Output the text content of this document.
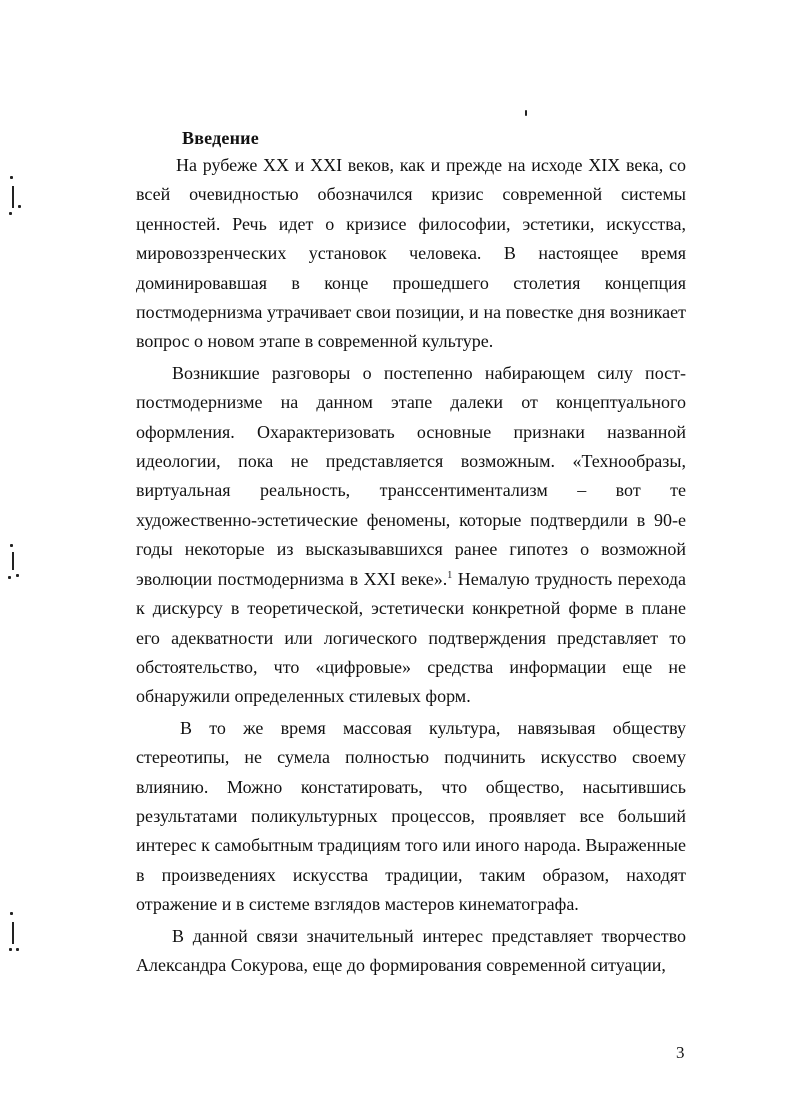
Введение

На рубеже XX и XXI веков, как и прежде на исходе XIX века, со всей очевидностью обозначился кризис современной системы ценностей. Речь идет о кризисе философии, эстетики, искусства, мировоззренческих установок человека. В настоящее время доминировавшая в конце прошедшего столетия концепция постмодернизма утрачивает свои позиции, и на повестке дня возникает вопрос о новом этапе в современной культуре.

Возникшие разговоры о постепенно набирающем силу пост-постмодернизме на данном этапе далеки от концептуального оформления. Охарактеризовать основные признаки названной идеологии, пока не представляется возможным. «Технообразы, виртуальная реальность, транссентиментализм – вот те художественно-эстетические феномены, которые подтвердили в 90-е годы некоторые из высказывавшихся ранее гипотез о возможной эволюции постмодернизма в XXI веке».$^1$ Немалую трудность перехода к дискурсу в теоретической, эстетически конкретной форме в плане его адекватности или логического подтверждения представляет то обстоятельство, что «цифровые» средства информации еще не обнаружили определенных стилевых форм.

В то же время массовая культура, навязывая обществу стереотипы, не сумела полностью подчинить искусство своему влиянию. Можно констатировать, что общество, насытившись результатами поликультурных процессов, проявляет все больший интерес к самобытным традициям того или иного народа. Выраженные в произведениях искусства традиции, таким образом, находят отражение и в системе взглядов мастеров кинематографа.

В данной связи значительный интерес представляет творчество Александра Сокурова, еще до формирования современной ситуации,

3
